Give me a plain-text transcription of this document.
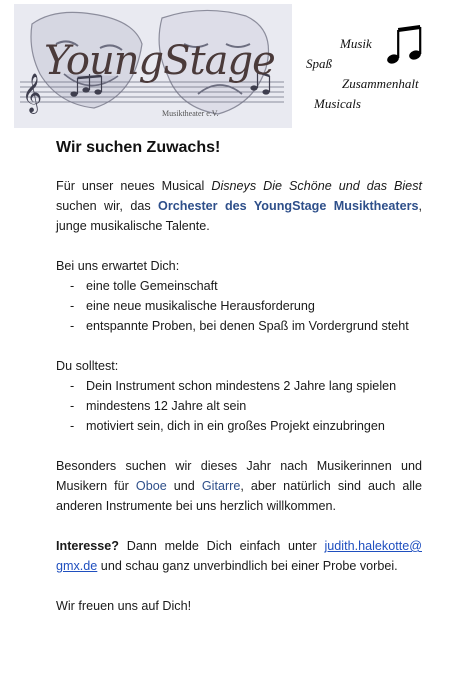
𝄞
YoungStage
Musiktheater e.V.
Musik
Spaß
Zusammenhalt
Musicals
Wir suchen Zuwachs!

Für unser neues Musical Disneys Die Schöne und das Biest suchen wir, das Orchester des YoungStage Musiktheaters, junge musikalische Talente.

Bei uns erwartet Dich:

- eine tolle Gemeinschaft
- eine neue musikalische Herausforderung
- entspannte Proben, bei denen Spaß im Vordergrund steht

Du solltest:

- Dein Instrument schon mindestens 2 Jahre lang spielen
- mindestens 12 Jahre alt sein
- motiviert sein, dich in ein großes Projekt einzubringen

Besonders suchen wir dieses Jahr nach Musikerinnen und Musikern für Oboe und Gitarre, aber natürlich sind auch alle anderen Instrumente bei uns herzlich willkommen.

Interesse? Dann melde Dich einfach unter judith.halekotte@ gmx.de und schau ganz unverbindlich bei einer Probe vorbei.

Wir freuen uns auf Dich!
